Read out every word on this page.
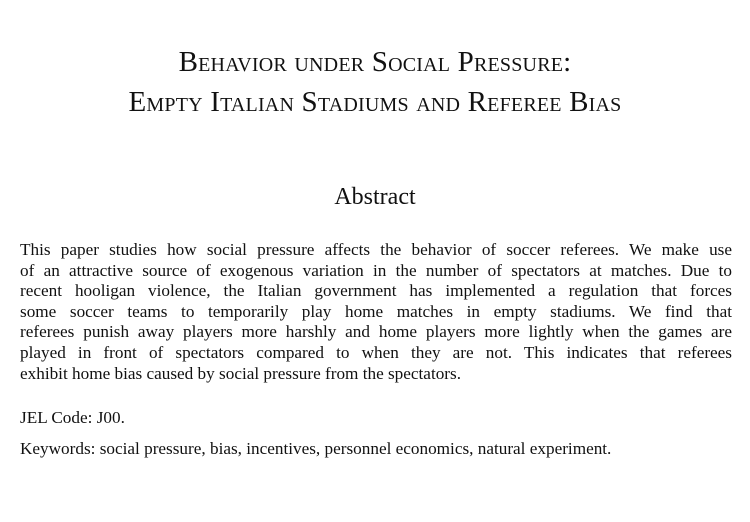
Behavior under Social Pressure:
Empty Italian Stadiums and Referee Bias
Abstract
This paper studies how social pressure affects the behavior of soccer referees. We make use
of an attractive source of exogenous variation in the number of spectators at matches. Due to
recent hooligan violence, the Italian government has implemented a regulation that forces
some soccer teams to temporarily play home matches in empty stadiums. We find that
referees punish away players more harshly and home players more lightly when the games are
played in front of spectators compared to when they are not. This indicates that referees
exhibit home bias caused by social pressure from the spectators.
JEL Code: J00.
Keywords: social pressure, bias, incentives, personnel economics, natural experiment.
